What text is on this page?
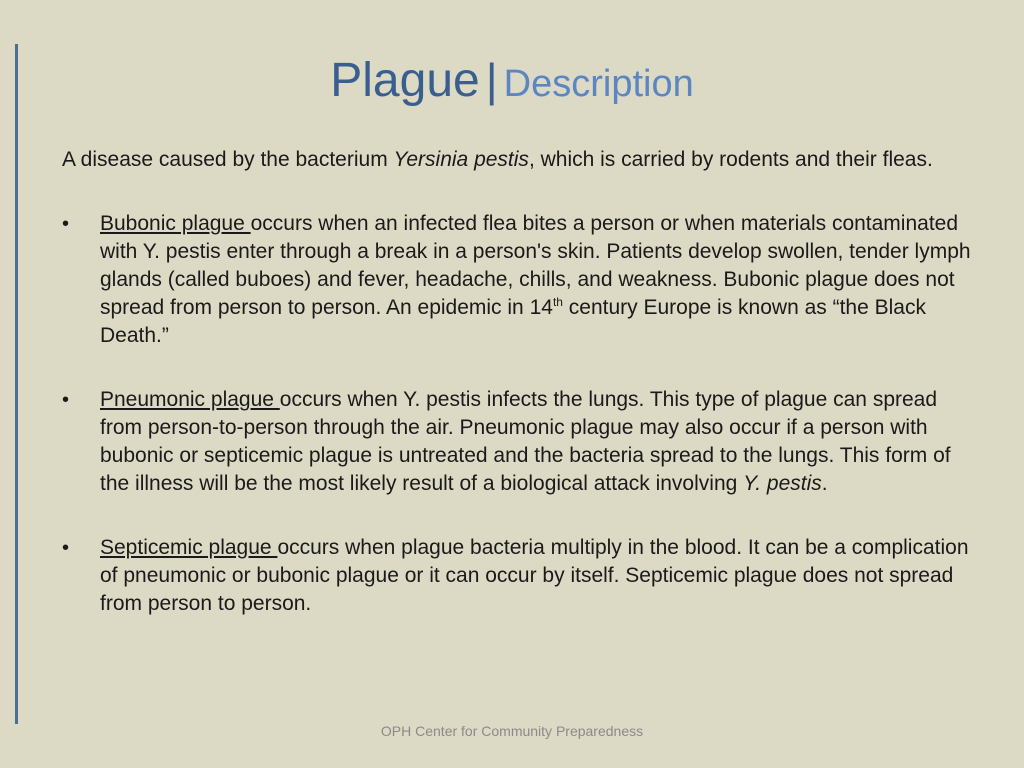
Plague | Description

A disease caused by the bacterium Yersinia pestis, which is carried by rodents and their fleas.

• Bubonic plague occurs when an infected flea bites a person or when materials contaminated with Y. pestis enter through a break in a person's skin. Patients develop swollen, tender lymph glands (called buboes) and fever, headache, chills, and weakness. Bubonic plague does not spread from person to person. An epidemic in 14th century Europe is known as “the Black Death.”
• Pneumonic plague occurs when Y. pestis infects the lungs. This type of plague can spread from person-to-person through the air. Pneumonic plague may also occur if a person with bubonic or septicemic plague is untreated and the bacteria spread to the lungs. This form of the illness will be the most likely result of a biological attack involving Y. pestis.
• Septicemic plague occurs when plague bacteria multiply in the blood. It can be a complication of pneumonic or bubonic plague or it can occur by itself. Septicemic plague does not spread from person to person.
OPH Center for Community Preparedness
